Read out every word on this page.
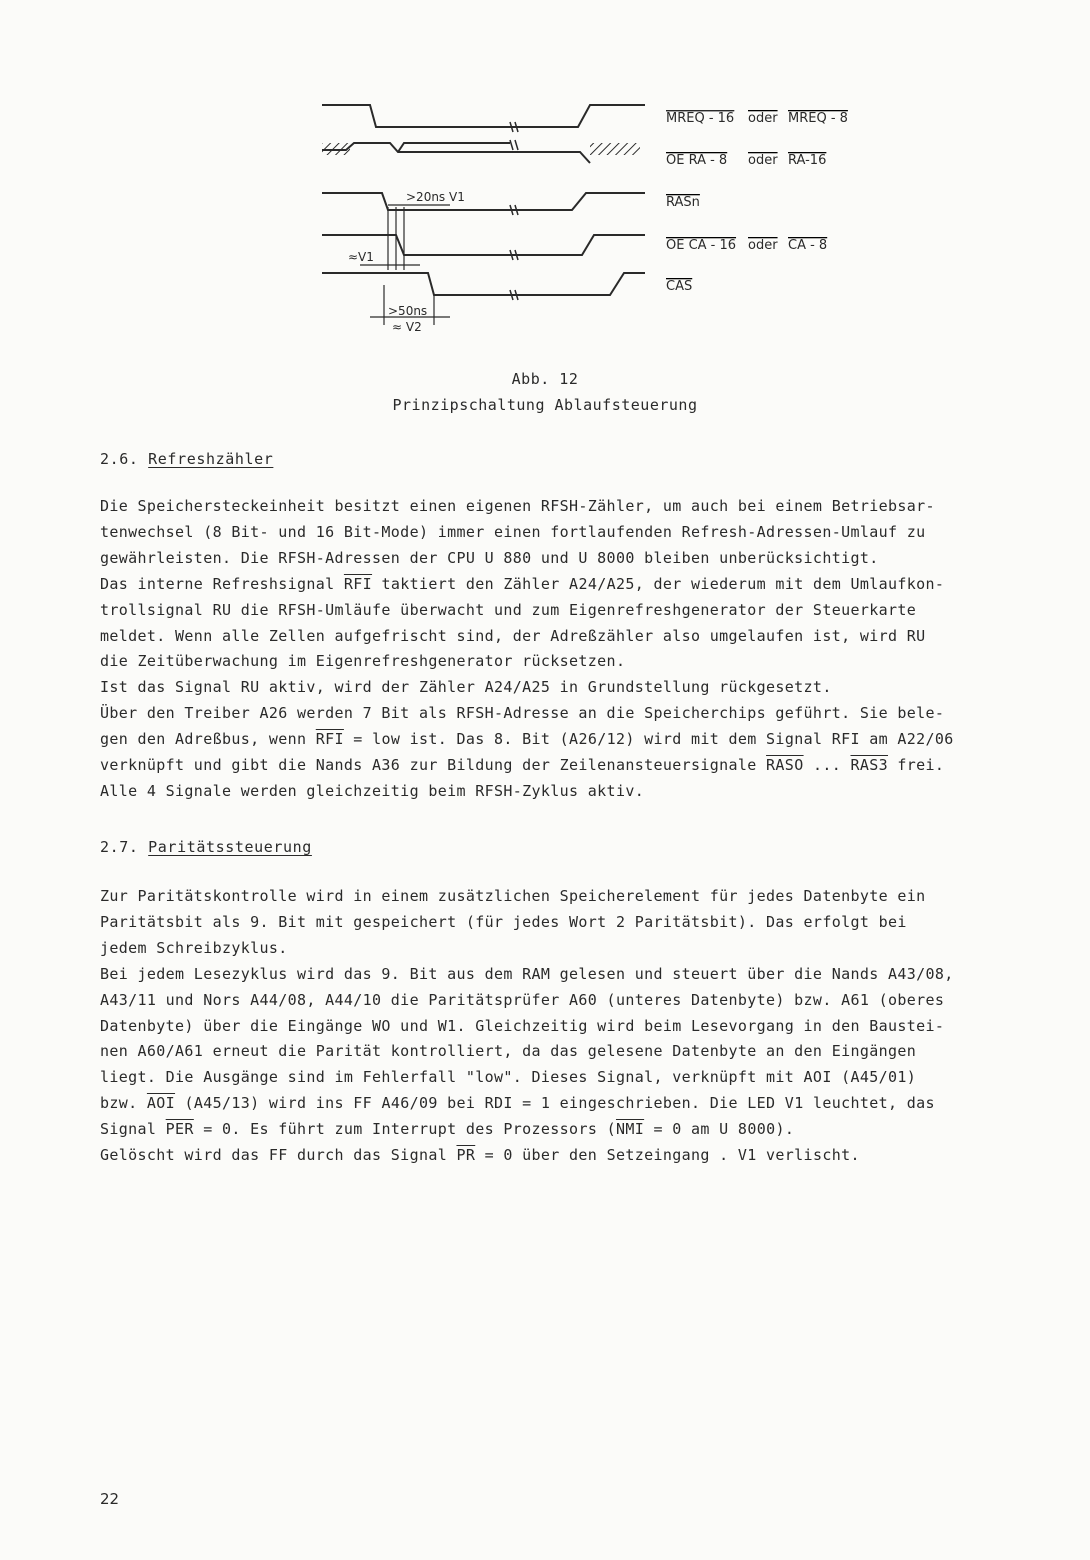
>20ns V1
≈V1
>50ns
≈ V2
MREQ - 16 oder MREQ - 8
OE RA - 8 oder RA-16
RASn
OE CA - 16 oder CA - 8
CAS
Abb. 12
Prinzipschaltung Ablaufsteuerung
2.6. Refreshzähler

Die Speichersteckeinheit besitzt einen eigenen RFSH-Zähler, um auch bei einem Betriebsar-
tenwechsel (8 Bit- und 16 Bit-Mode) immer einen fortlaufenden Refresh-Adressen-Umlauf zu
gewährleisten. Die RFSH-Adressen der CPU U 880 und U 8000 bleiben unberücksichtigt.
Das interne Refreshsignal $\overline{RFI}$ taktiert den Zähler A24/A25, der wiederum mit dem Umlaufkon-
trollsignal RU die RFSH-Umläufe überwacht und zum Eigenrefreshgenerator der Steuerkarte
meldet. Wenn alle Zellen aufgefrischt sind, der Adreßzähler also umgelaufen ist, wird RU
die Zeitüberwachung im Eigenrefreshgenerator rücksetzen.
Ist das Signal RU aktiv, wird der Zähler A24/A25 in Grundstellung rückgesetzt.
Über den Treiber A26 werden 7 Bit als RFSH-Adresse an die Speicherchips geführt. Sie bele-
gen den Adreßbus, wenn $\overline{RFI}$ = low ist. Das 8. Bit (A26/12) wird mit dem Signal RFI am A22/06
verknüpft und gibt die Nands A36 zur Bildung der Zeilenansteuersignale RASO ... RAS3 frei.
Alle 4 Signale werden gleichzeitig beim RFSH-Zyklus aktiv.

2.7. Paritätssteuerung

Zur Paritätskontrolle wird in einem zusätzlichen Speicherelement für jedes Datenbyte ein
Paritätsbit als 9. Bit mit gespeichert (für jedes Wort 2 Paritätsbit). Das erfolgt bei
jedem Schreibzyklus.
Bei jedem Lesezyklus wird das 9. Bit aus dem RAM gelesen und steuert über die Nands A43/08,
A43/11 und Nors A44/08, A44/10 die Paritätsprüfer A60 (unteres Datenbyte) bzw. A61 (oberes
Datenbyte) über die Eingänge WO und W1. Gleichzeitig wird beim Lesevorgang in den Baustei-
nen A60/A61 erneut die Parität kontrolliert, da das gelesene Datenbyte an den Eingängen
liegt. Die Ausgänge sind im Fehlerfall "low". Dieses Signal, verknüpft mit AOI (A45/01)
bzw. $\overline{AOI}$ (A45/13) wird ins FF A46/09 bei RDI = 1 eingeschrieben. Die LED V1 leuchtet, das
Signal $\overline{PER} = 0$. Es führt zum Interrupt des Prozessors ($\overline{NMI} = 0$ am U 8000).
Gelöscht wird das FF durch das Signal $\overline{PR} = 0$ über den Setzeingang . V1 verlischt.

22
